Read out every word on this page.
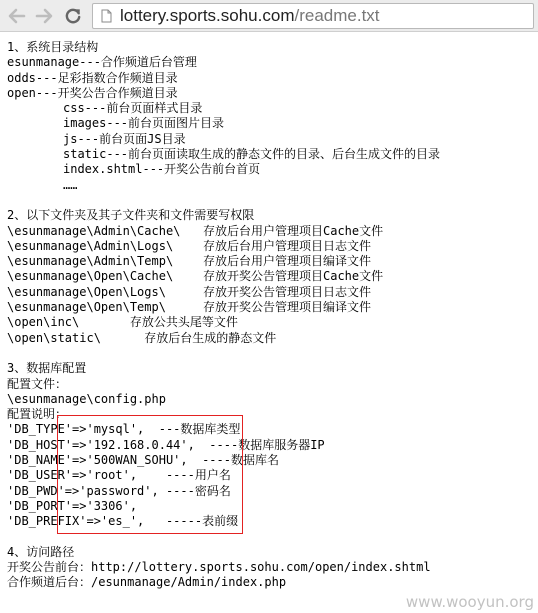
lottery.sports.sohu.com/readme.txt
1、系统目录结构
esunmanage---合作频道后台管理
odds---足彩指数合作频道目录
open---开奖公告合作频道目录
css---前台页面样式目录
images---前台页面图片目录
js---前台页面JS目录
static---前台页面读取生成的静态文件的目录、后台生成文件的目录
index.shtml---开奖公告前台首页
……
2、以下文件夹及其子文件夹和文件需要写权限
\esunmanage\Admin\Cache\ 存放后台用户管理项目Cache文件
\esunmanage\Admin\Logs\ 存放后台用户管理项目日志文件
\esunmanage\Admin\Temp\ 存放后台用户管理项目编译文件
\esunmanage\Open\Cache\ 存放开奖公告管理项目Cache文件
\esunmanage\Open\Logs\	存放开奖公告管理项目日志文件
\esunmanage\Open\Temp\	存放开奖公告管理项目编译文件
\open\inc\       存放公共头尾等文件
\open\static\      存放后台生成的静态文件
3、数据库配置
配置文件：
\esunmanage\config.php
配置说明：
'DB_TYPE'=>'mysql',  ---数据库类型
'DB_HOST'=>'192.168.0.44',  ----数据库服务器IP
'DB_NAME'=>'500WAN_SOHU',  ----数据库名
'DB_USER'=>'root',    ----用户名
'DB_PWD'=>'password', ----密码名
'DB_PORT'=>'3306',
'DB_PREFIX'=>'es_',   -----表前缀
4、访问路径
开奖公告前台：http://lottery.sports.sohu.com/open/index.shtml
合作频道后台：/esunmanage/Admin/index.php
www.wooyun.org
